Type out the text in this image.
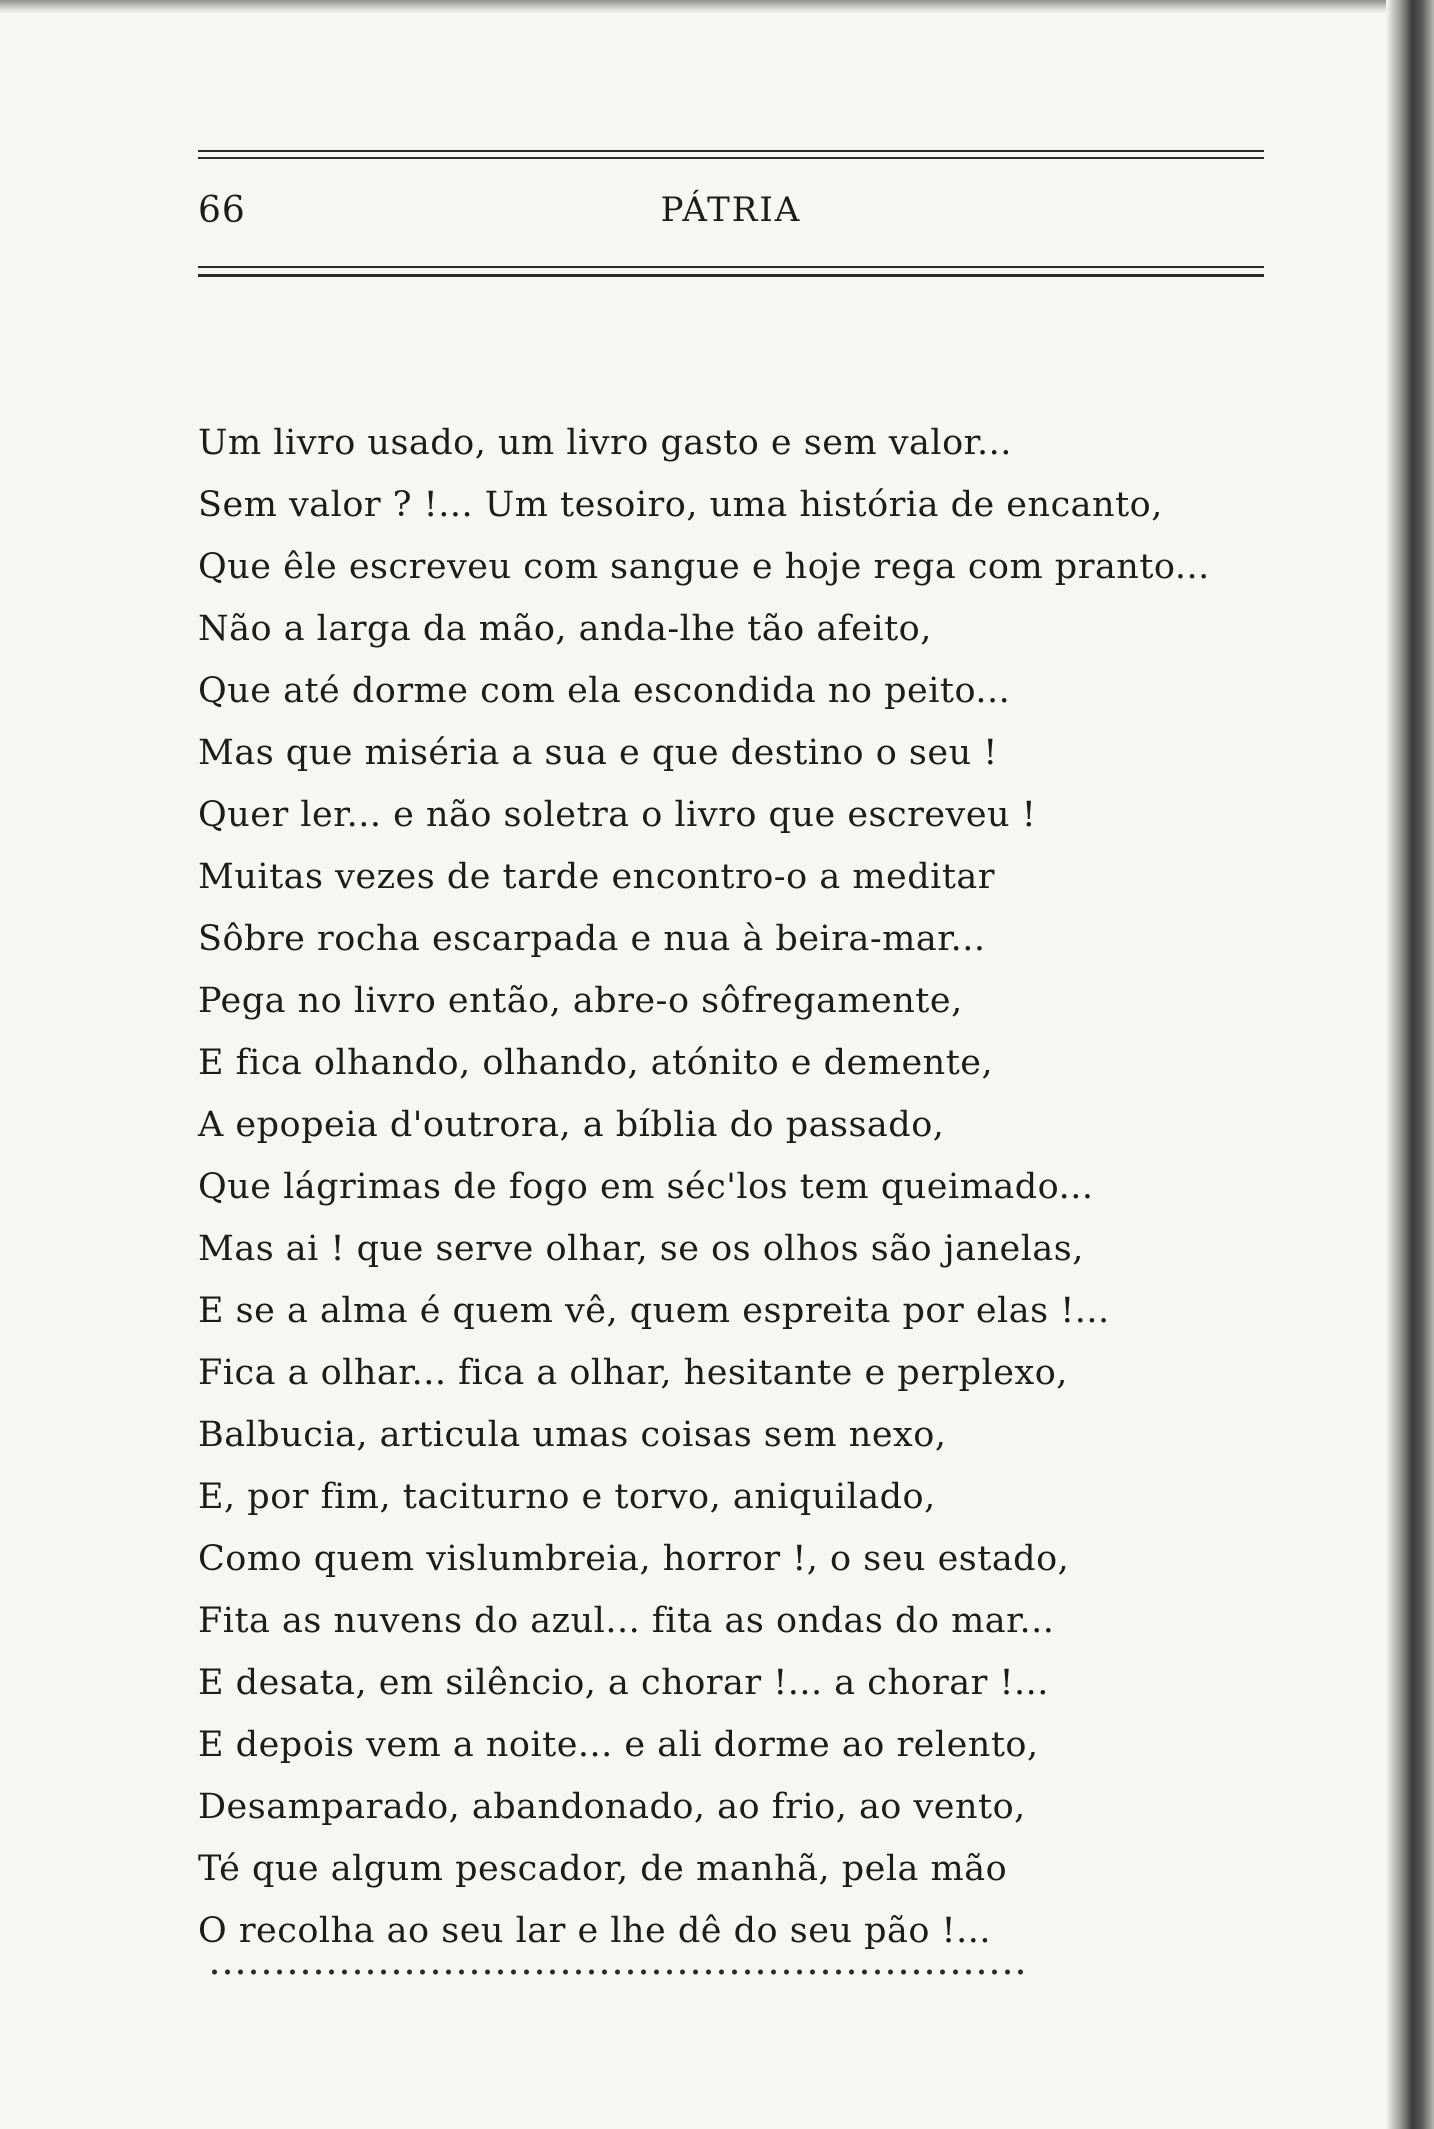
66	PÁTRIA
Um livro usado, um livro gasto e sem valor...
Sem valor ? !... Um tesoiro, uma história de encanto,
Que êle escreveu com sangue e hoje rega com pranto...
Não a larga da mão, anda-lhe tão afeito,
Que até dorme com ela escondida no peito...
Mas que miséria a sua e que destino o seu !
Quer ler... e não soletra o livro que escreveu !
Muitas vezes de tarde encontro-o a meditar
Sôbre rocha escarpada e nua à beira-mar...
Pega no livro então, abre-o sôfregamente,
E fica olhando, olhando, atónito e demente,
A epopeia d'outrora, a bíblia do passado,
Que lágrimas de fogo em séc'los tem queimado...
Mas ai ! que serve olhar, se os olhos são janelas,
E se a alma é quem vê, quem espreita por elas !...
Fica a olhar... fica a olhar, hesitante e perplexo,
Balbucia, articula umas coisas sem nexo,
E, por fim, taciturno e torvo, aniquilado,
Como quem vislumbreia, horror !, o seu estado,
Fita as nuvens do azul... fita as ondas do mar...
E desata, em silêncio, a chorar !... a chorar !...
E depois vem a noite... e ali dorme ao relento,
Desamparado, abandonado, ao frio, ao vento,
Té que algum pescador, de manhã, pela mão
O recolha ao seu lar e lhe dê do seu pão !...
